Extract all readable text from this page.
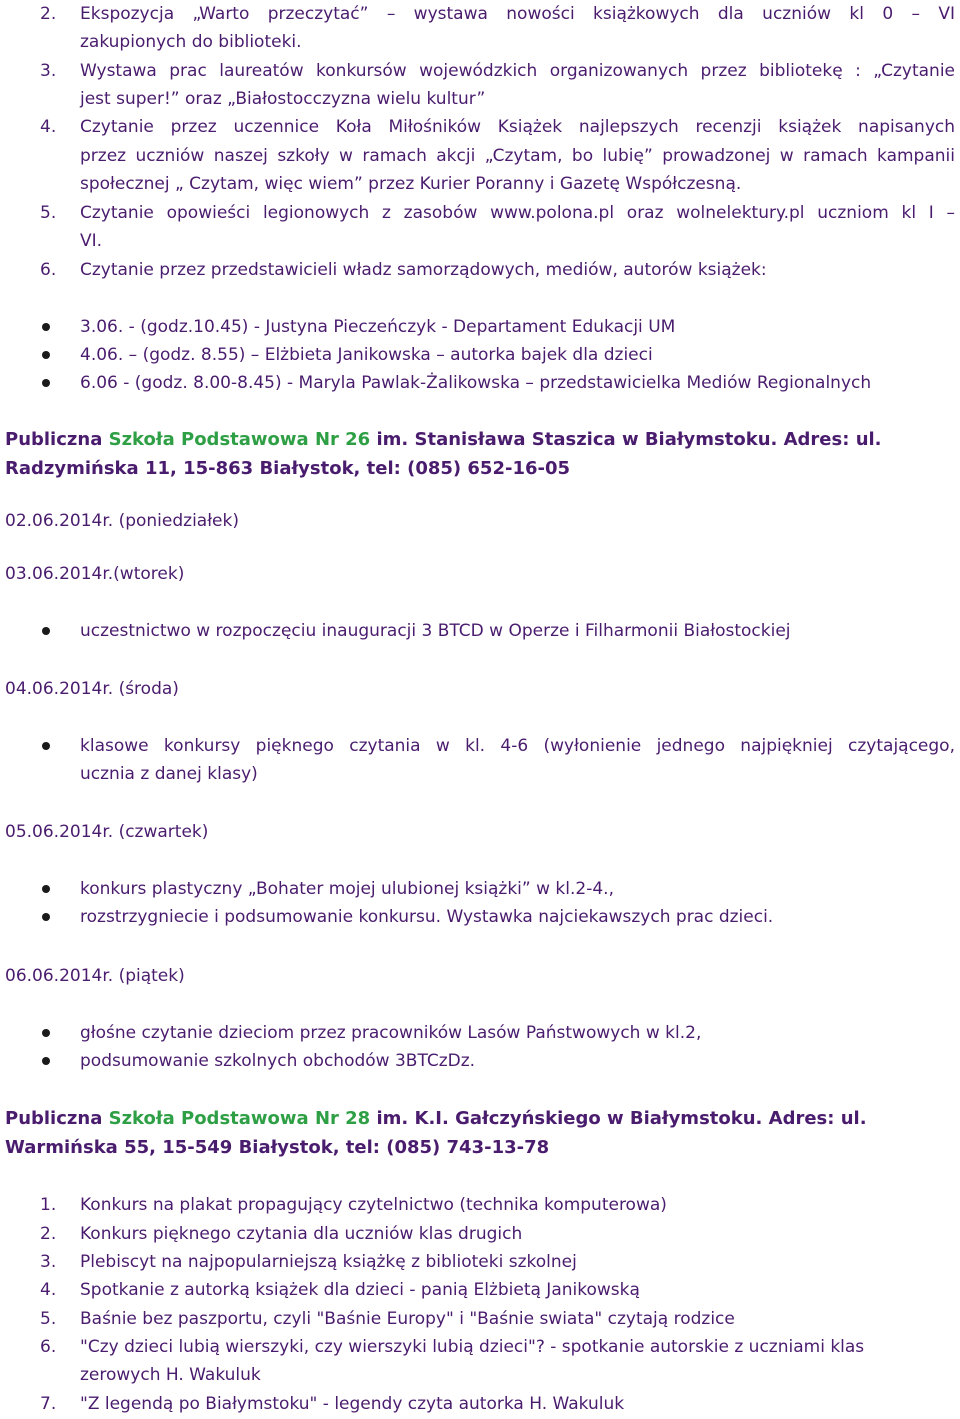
2.	Ekspozycja „Warto przeczytać” – wystawa nowości książkowych dla uczniów kl 0 – VI
zakupionych do biblioteki.
3.	Wystawa prac laureatów konkursów wojewódzkich organizowanych przez bibliotekę : „Czytanie
jest super!” oraz „Białostocczyzna wielu kultur”
4.	Czytanie przez uczennice Koła Miłośników Książek najlepszych recenzji książek napisanych
przez uczniów naszej szkoły w ramach akcji „Czytam, bo lubię” prowadzonej w ramach kampanii
społecznej „ Czytam, więc wiem” przez Kurier Poranny i Gazetę Współczesną.
5.	Czytanie opowieści legionowych z zasobów www.polona.pl oraz wolnelektury.pl uczniom kl I –
VI.
6.	Czytanie przez przedstawicieli władz samorządowych, mediów, autorów książek:
3.06. - (godz.10.45) - Justyna Pieczeńczyk - Departament Edukacji UM
4.06. – (godz. 8.55) – Elżbieta Janikowska – autorka bajek dla dzieci
6.06 - (godz. 8.00-8.45) - Maryla Pawlak-Żalikowska – przedstawicielka Mediów Regionalnych
Publiczna Szkoła Podstawowa Nr 26 im. Stanisława Staszica w Białymstoku. Adres: ul.
Radzymińska 11, 15-863 Białystok, tel: (085) 652-16-05
02.06.2014r. (poniedziałek)
03.06.2014r.(wtorek)
uczestnictwo w rozpoczęciu inauguracji 3 BTCD w Operze i Filharmonii Białostockiej
04.06.2014r. (środa)
klasowe konkursy pięknego czytania w kl. 4-6 (wyłonienie jednego najpiękniej czytającego,
ucznia z danej klasy)
05.06.2014r. (czwartek)
konkurs plastyczny „Bohater mojej ulubionej książki” w kl.2-4.,
rozstrzygniecie i podsumowanie konkursu. Wystawka najciekawszych prac dzieci.
06.06.2014r. (piątek)
głośne czytanie dzieciom przez pracowników Lasów Państwowych w kl.2,
podsumowanie szkolnych obchodów 3BTCzDz.
Publiczna Szkoła Podstawowa Nr 28 im. K.I. Gałczyńskiego w Białymstoku. Adres: ul.
Warmińska 55, 15-549 Białystok, tel: (085) 743-13-78
1.	Konkurs na plakat propagujący czytelnictwo (technika komputerowa)
2.	Konkurs pięknego czytania dla uczniów klas drugich
3.	Plebiscyt na najpopularniejszą książkę z biblioteki szkolnej
4.	Spotkanie z autorką książek dla dzieci - panią Elżbietą Janikowską
5.	Baśnie bez paszportu, czyli "Baśnie Europy" i "Baśnie swiata" czytają rodzice
6.	"Czy dzieci lubią wierszyki, czy wierszyki lubią dzieci"? - spotkanie autorskie z uczniami klas
zerowych H. Wakuluk
7.	"Z legendą po Białymstoku" - legendy czyta autorka H. Wakuluk
